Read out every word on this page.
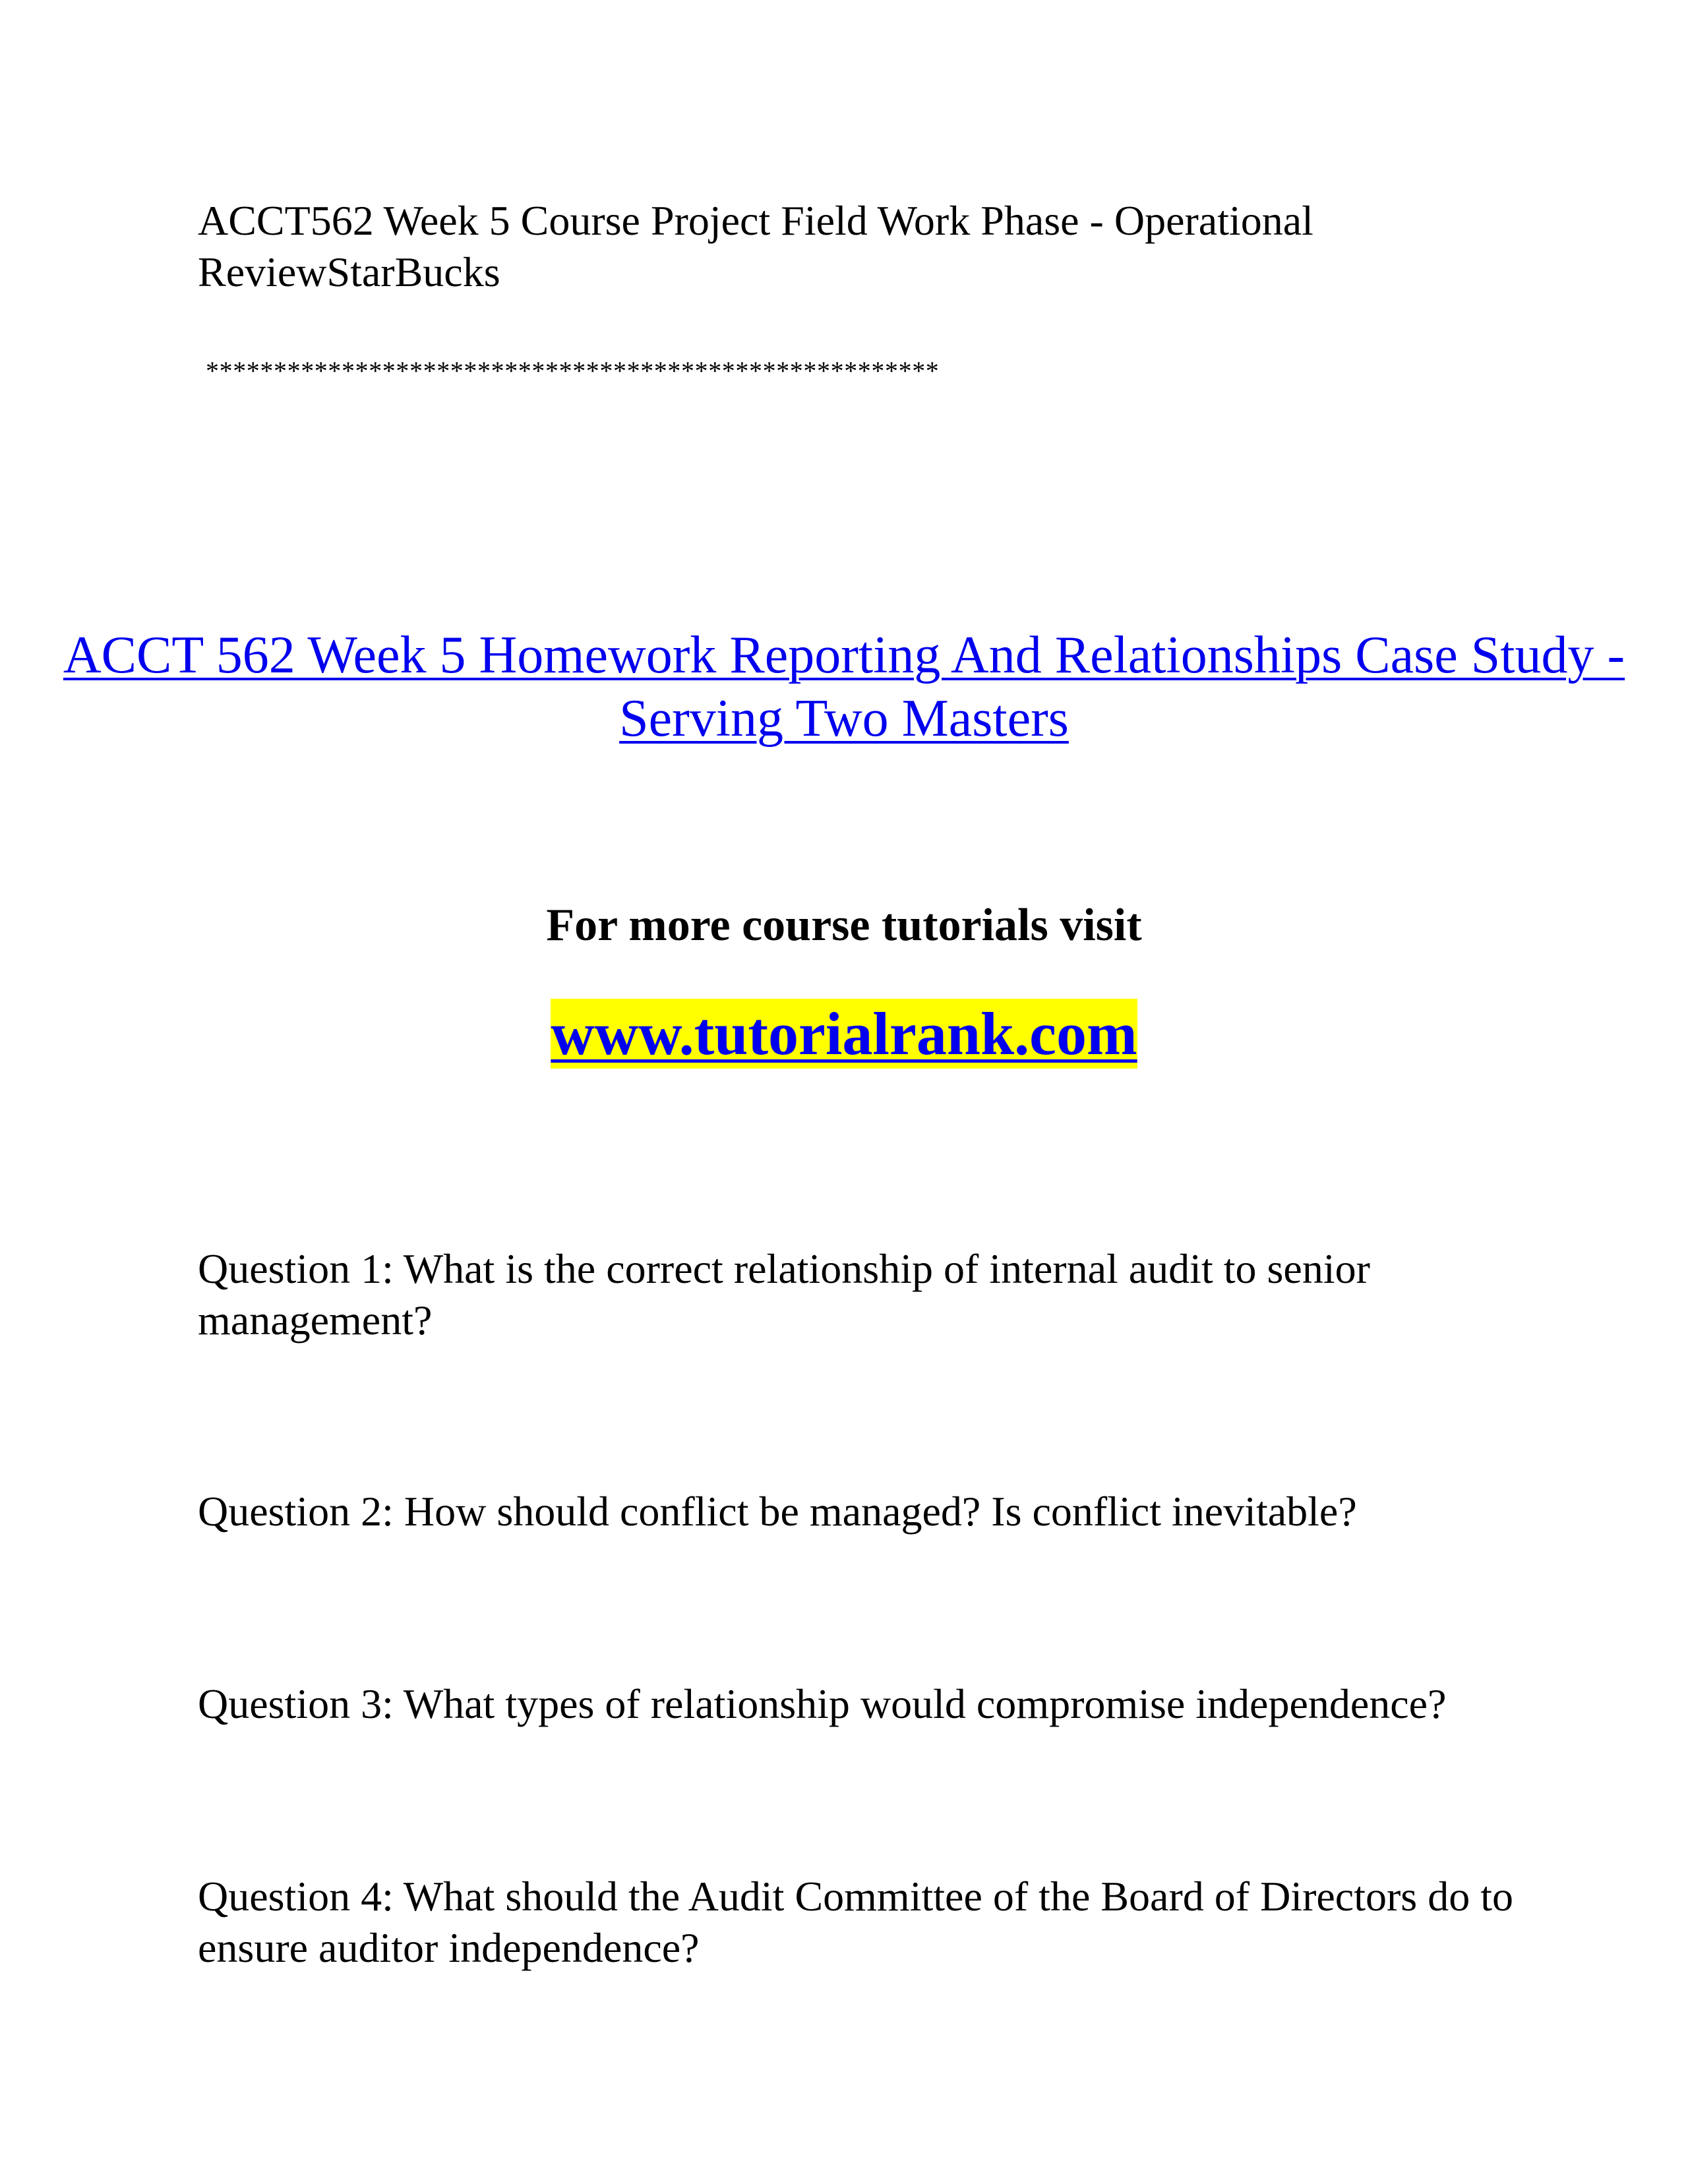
ACCT562 Week 5 Course Project Field Work Phase - Operational ReviewStarBucks

******************************************************

ACCT 562 Week 5 Homework Reporting And Relationships Case Study - Serving Two Masters

For more course tutorials visit

www.tutorialrank.com

Question 1: What is the correct relationship of internal audit to senior management?

Question 2: How should conflict be managed? Is conflict inevitable?

Question 3: What types of relationship would compromise independence?

Question 4: What should the Audit Committee of the Board of Directors do to ensure auditor independence?
